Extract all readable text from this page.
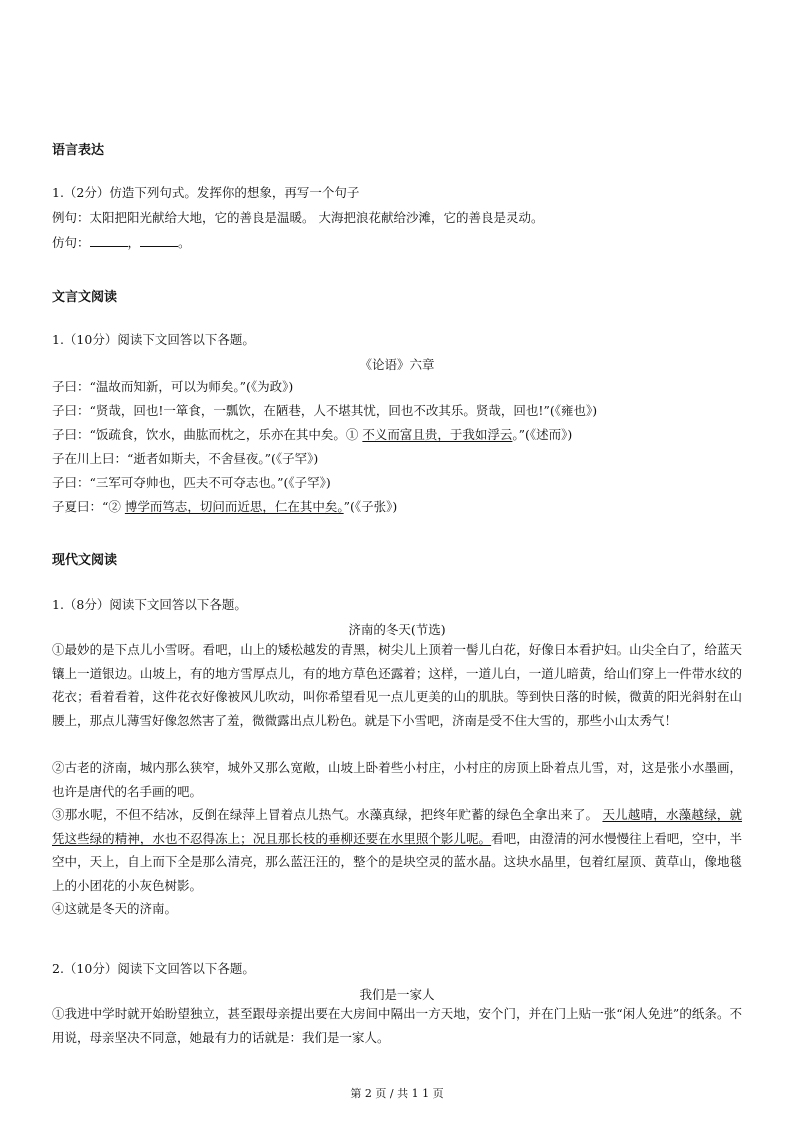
语言表达
1.（2分）仿造下列句式。发挥你的想象，再写一个句子
例句：太阳把阳光献给大地，它的善良是温暖。 大海把浪花献给沙滩，它的善良是灵动。
仿句：	，	。
文言文阅读
1.（10分）阅读下文回答以下各题。
《论语》六章
子曰：“温故而知新，可以为师矣。”(《为政》)
子曰：“贤哉，回也!一箪食，一瓢饮，在陋巷，人不堪其忧，回也不改其乐。贤哉，回也!”(《雍也》)
子曰：“饭疏食，饮水，曲肱而枕之，乐亦在其中矣。① 不义而富且贵，于我如浮云。”(《述而》)
子在川上曰：“逝者如斯夫，不舍昼夜。”(《子罕》)
子曰：“三军可夺帅也，匹夫不可夺志也。”(《子罕》)
子夏曰：“② 博学而笃志，切问而近思，仁在其中矣。”(《子张》)
现代文阅读
1.（8分）阅读下文回答以下各题。
济南的冬天(节选)
①最妙的是下点儿小雪呀。看吧，山上的矮松越发的青黑，树尖儿上顶着一髻儿白花，好像日本看护妇。山尖全白了，给蓝天镶上一道银边。山坡上，有的地方雪厚点儿，有的地方草色还露着；这样，一道儿白，一道儿暗黄，给山们穿上一件带水纹的花衣；看着看着，这件花衣好像被风儿吹动，叫你希望看见一点儿更美的山的肌肤。等到快日落的时候，微黄的阳光斜射在山腰上，那点儿薄雪好像忽然害了羞，微微露出点儿粉色。就是下小雪吧，济南是受不住大雪的，那些小山太秀气！
②古老的济南，城内那么狭窄，城外又那么宽敞，山坡上卧着些小村庄，小村庄的房顶上卧着点儿雪，对，这是张小水墨画，也许是唐代的名手画的吧。
③那水呢，不但不结冰，反倒在绿萍上冒着点儿热气。水藻真绿，把终年贮蓄的绿色全拿出来了。 天儿越晴，水藻越绿，就凭这些绿的精神，水也不忍得冻上；况且那长枝的垂柳还要在水里照个影儿呢。看吧，由澄清的河水慢慢往上看吧，空中，半空中，天上，自上而下全是那么清亮，那么蓝汪汪的，整个的是块空灵的蓝水晶。这块水晶里，包着红屋顶、黄草山，像地毯上的小团花的小灰色树影。
④这就是冬天的济南。
2.（10分）阅读下文回答以下各题。
我们是一家人
①我进中学时就开始盼望独立，甚至跟母亲提出要在大房间中隔出一方天地，安个门，并在门上贴一张“闲人免进”的纸条。不用说，母亲坚决不同意，她最有力的话就是：我们是一家人。
第 2 页 / 共 1 1 页
